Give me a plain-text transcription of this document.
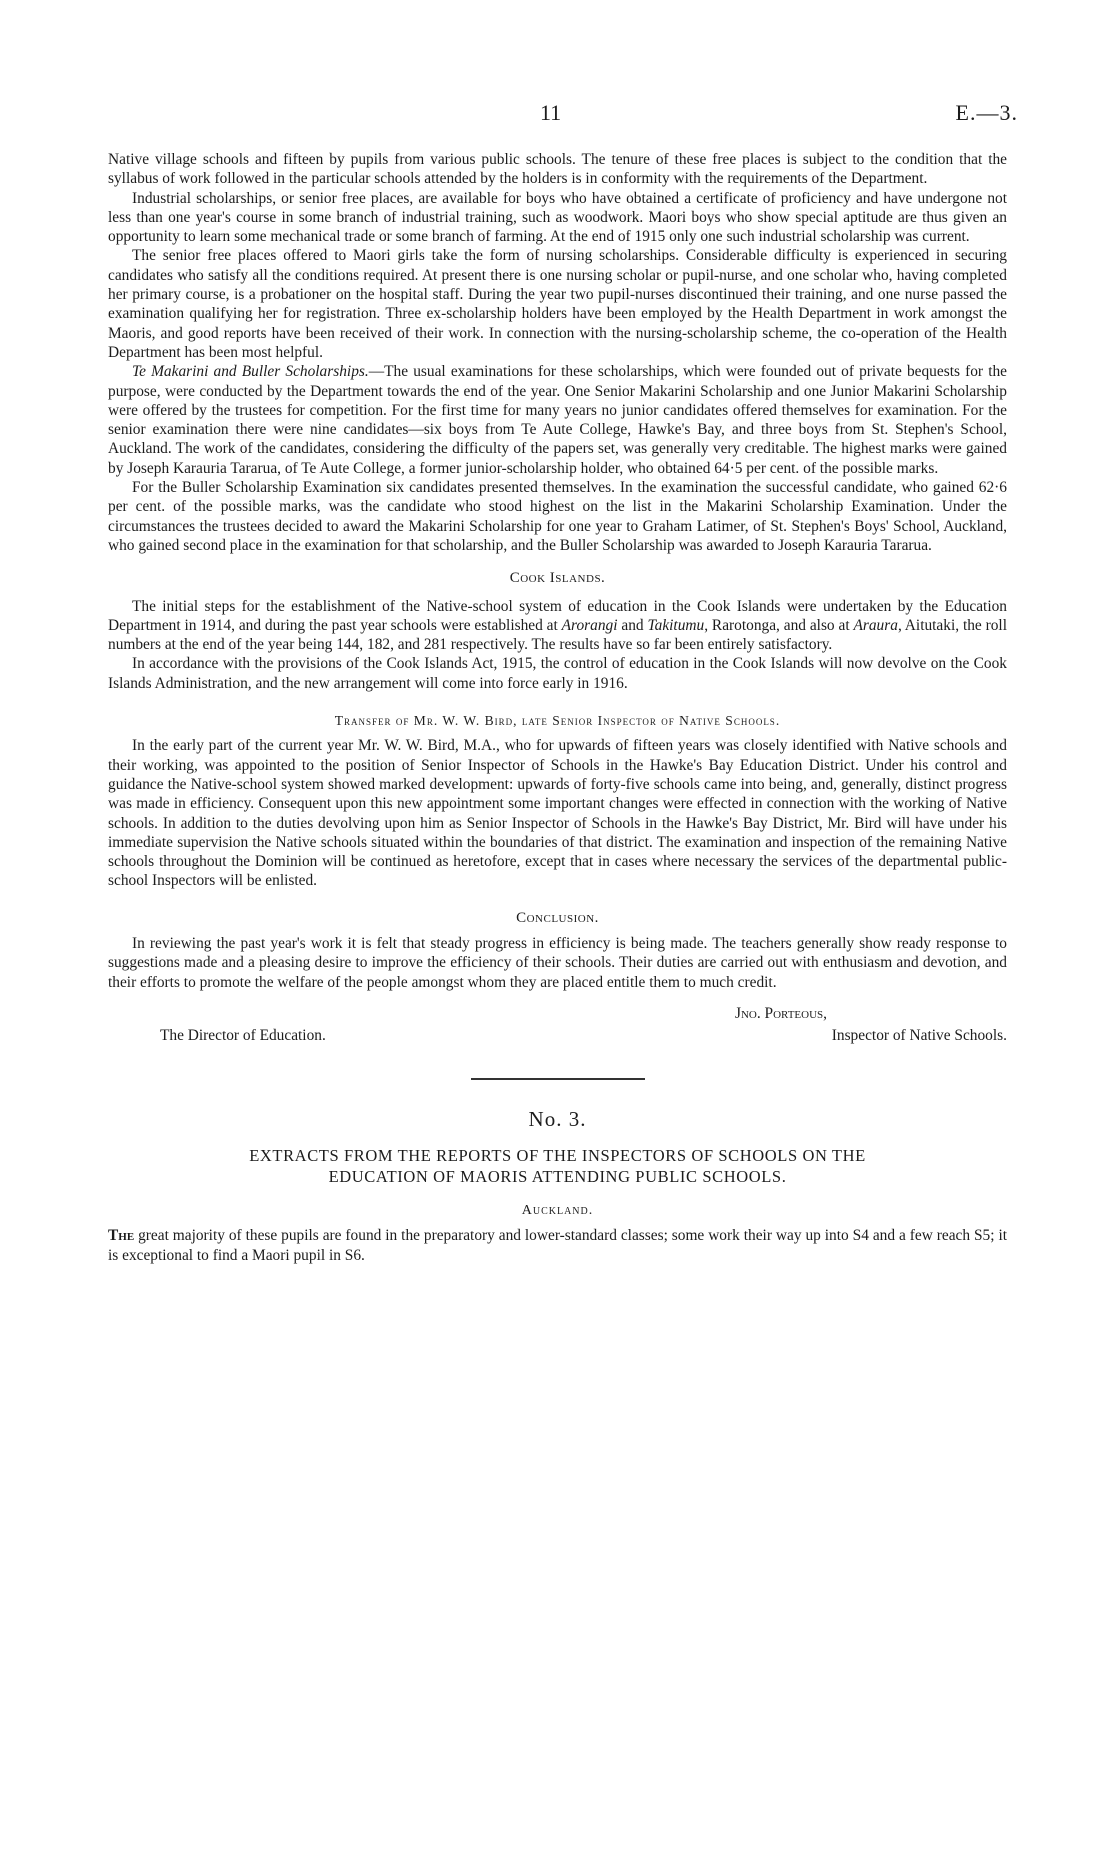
11	E.—3.

Native village schools and fifteen by pupils from various public schools. The tenure of these free places is subject to the condition that the syllabus of work followed in the particular schools attended by the holders is in conformity with the requirements of the Department.

Industrial scholarships, or senior free places, are available for boys who have obtained a certificate of proficiency and have undergone not less than one year's course in some branch of industrial training, such as woodwork. Maori boys who show special aptitude are thus given an opportunity to learn some mechanical trade or some branch of farming. At the end of 1915 only one such industrial scholarship was current.

The senior free places offered to Maori girls take the form of nursing scholarships. Considerable difficulty is experienced in securing candidates who satisfy all the conditions required. At present there is one nursing scholar or pupil-nurse, and one scholar who, having completed her primary course, is a probationer on the hospital staff. During the year two pupil-nurses discontinued their training, and one nurse passed the examination qualifying her for registration. Three ex-scholarship holders have been employed by the Health Department in work amongst the Maoris, and good reports have been received of their work. In connection with the nursing-scholarship scheme, the co-operation of the Health Department has been most helpful.

Te Makarini and Buller Scholarships.—The usual examinations for these scholarships, which were founded out of private bequests for the purpose, were conducted by the Department towards the end of the year. One Senior Makarini Scholarship and one Junior Makarini Scholarship were offered by the trustees for competition. For the first time for many years no junior candidates offered themselves for examination. For the senior examination there were nine candidates—six boys from Te Aute College, Hawke's Bay, and three boys from St. Stephen's School, Auckland. The work of the candidates, considering the difficulty of the papers set, was generally very creditable. The highest marks were gained by Joseph Karauria Tararua, of Te Aute College, a former junior-scholarship holder, who obtained 64·5 per cent. of the possible marks.

For the Buller Scholarship Examination six candidates presented themselves. In the examination the successful candidate, who gained 62·6 per cent. of the possible marks, was the candidate who stood highest on the list in the Makarini Scholarship Examination. Under the circumstances the trustees decided to award the Makarini Scholarship for one year to Graham Latimer, of St. Stephen's Boys' School, Auckland, who gained second place in the examination for that scholarship, and the Buller Scholarship was awarded to Joseph Karauria Tararua.

Cook Islands.

The initial steps for the establishment of the Native-school system of education in the Cook Islands were undertaken by the Education Department in 1914, and during the past year schools were established at Arorangi and Takitumu, Rarotonga, and also at Araura, Aitutaki, the roll numbers at the end of the year being 144, 182, and 281 respectively. The results have so far been entirely satisfactory.

In accordance with the provisions of the Cook Islands Act, 1915, the control of education in the Cook Islands will now devolve on the Cook Islands Administration, and the new arrangement will come into force early in 1916.

Transfer of Mr. W. W. Bird, late Senior Inspector of Native Schools.

In the early part of the current year Mr. W. W. Bird, M.A., who for upwards of fifteen years was closely identified with Native schools and their working, was appointed to the position of Senior Inspector of Schools in the Hawke's Bay Education District. Under his control and guidance the Native-school system showed marked development: upwards of forty-five schools came into being, and, generally, distinct progress was made in efficiency. Consequent upon this new appointment some important changes were effected in connection with the working of Native schools. In addition to the duties devolving upon him as Senior Inspector of Schools in the Hawke's Bay District, Mr. Bird will have under his immediate supervision the Native schools situated within the boundaries of that district. The examination and inspection of the remaining Native schools throughout the Dominion will be continued as heretofore, except that in cases where necessary the services of the departmental public-school Inspectors will be enlisted.

Conclusion.

In reviewing the past year's work it is felt that steady progress in efficiency is being made. The teachers generally show ready response to suggestions made and a pleasing desire to improve the efficiency of their schools. Their duties are carried out with enthusiasm and devotion, and their efforts to promote the welfare of the people amongst whom they are placed entitle them to much credit.

Jno. Porteous,
The Director of Education.	Inspector of Native Schools.
No. 3.
EXTRACTS FROM THE REPORTS OF THE INSPECTORS OF SCHOOLS ON THE
EDUCATION OF MAORIS ATTENDING PUBLIC SCHOOLS.
Auckland.

The great majority of these pupils are found in the preparatory and lower-standard classes; some work their way up into S4 and a few reach S5; it is exceptional to find a Maori pupil in S6.
